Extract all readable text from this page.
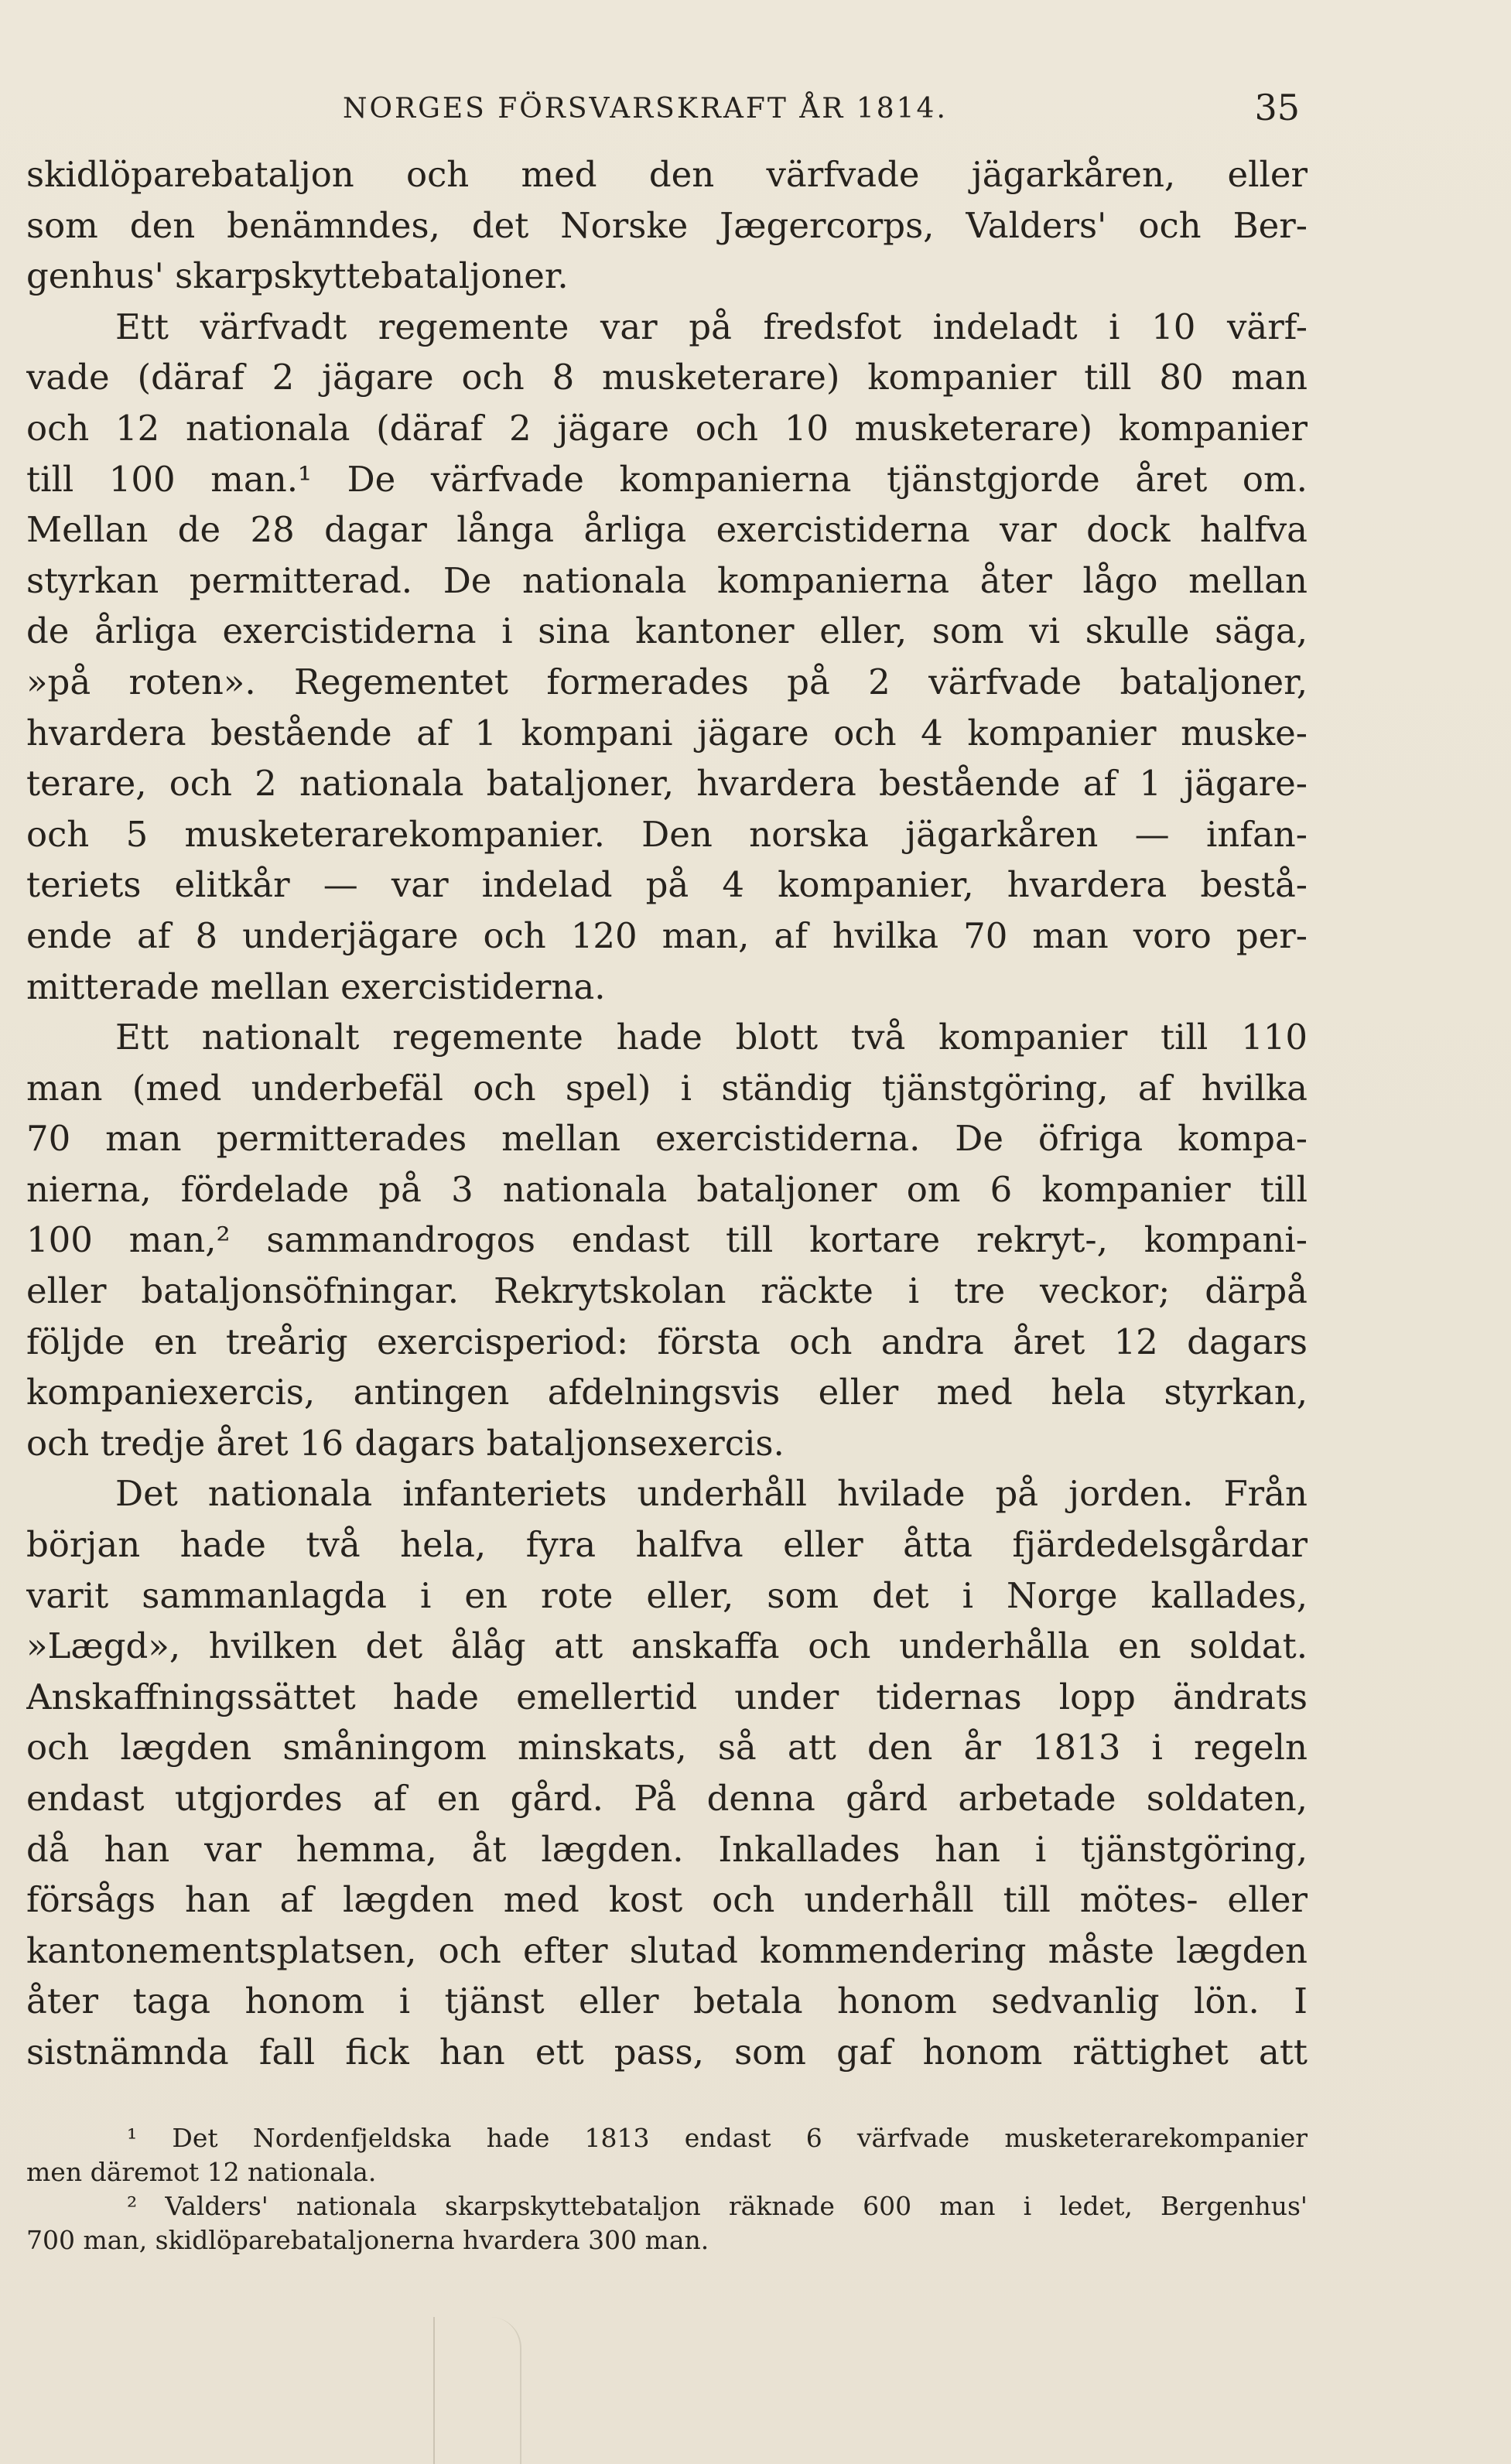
NORGES FÖRSVARSKRAFT ÅR 1814.	35
skidlöparebataljon och med den värfvade jägarkåren, eller
som den benämndes, det Norske Jægercorps, Valders' och Ber-
genhus' skarpskyttebataljoner.
Ett värfvadt regemente var på fredsfot indeladt i 10 värf-
vade (däraf 2 jägare och 8 musketerare) kompanier till 80 man
och 12 nationala (däraf 2 jägare och 10 musketerare) kompanier
till 100 man.¹ De värfvade kompanierna tjänstgjorde året om.
Mellan de 28 dagar långa årliga exercistiderna var dock halfva
styrkan permitterad. De nationala kompanierna åter lågo mellan
de årliga exercistiderna i sina kantoner eller, som vi skulle säga,
»på roten». Regementet formerades på 2 värfvade bataljoner,
hvardera bestående af 1 kompani jägare och 4 kompanier muske-
terare, och 2 nationala bataljoner, hvardera bestående af 1 jägare-
och 5 musketerarekompanier. Den norska jägarkåren — infan-
teriets elitkår — var indelad på 4 kompanier, hvardera bestå-
ende af 8 underjägare och 120 man, af hvilka 70 man voro per-
mitterade mellan exercistiderna.
Ett nationalt regemente hade blott två kompanier till 110
man (med underbefäl och spel) i ständig tjänstgöring, af hvilka
70 man permitterades mellan exercistiderna. De öfriga kompa-
nierna, fördelade på 3 nationala bataljoner om 6 kompanier till
100 man,² sammandrogos endast till kortare rekryt-, kompani-
eller bataljonsöfningar. Rekrytskolan räckte i tre veckor; därpå
följde en treårig exercisperiod: första och andra året 12 dagars
kompaniexercis, antingen afdelningsvis eller med hela styrkan,
och tredje året 16 dagars bataljonsexercis.
Det nationala infanteriets underhåll hvilade på jorden. Från
början hade två hela, fyra halfva eller åtta fjärdedelsgårdar
varit sammanlagda i en rote eller, som det i Norge kallades,
»Lægd», hvilken det ålåg att anskaffa och underhålla en soldat.
Anskaffningssättet hade emellertid under tidernas lopp ändrats
och lægden småningom minskats, så att den år 1813 i regeln
endast utgjordes af en gård. På denna gård arbetade soldaten,
då han var hemma, åt lægden. Inkallades han i tjänstgöring,
försågs han af lægden med kost och underhåll till mötes- eller
kantonementsplatsen, och efter slutad kommendering måste lægden
åter taga honom i tjänst eller betala honom sedvanlig lön. I
sistnämnda fall fick han ett pass, som gaf honom rättighet att
¹ Det Nordenfjeldska hade 1813 endast 6 värfvade musketerarekompanier
men däremot 12 nationala.
² Valders' nationala skarpskyttebataljon räknade 600 man i ledet, Bergenhus'
700 man, skidlöparebataljonerna hvardera 300 man.
